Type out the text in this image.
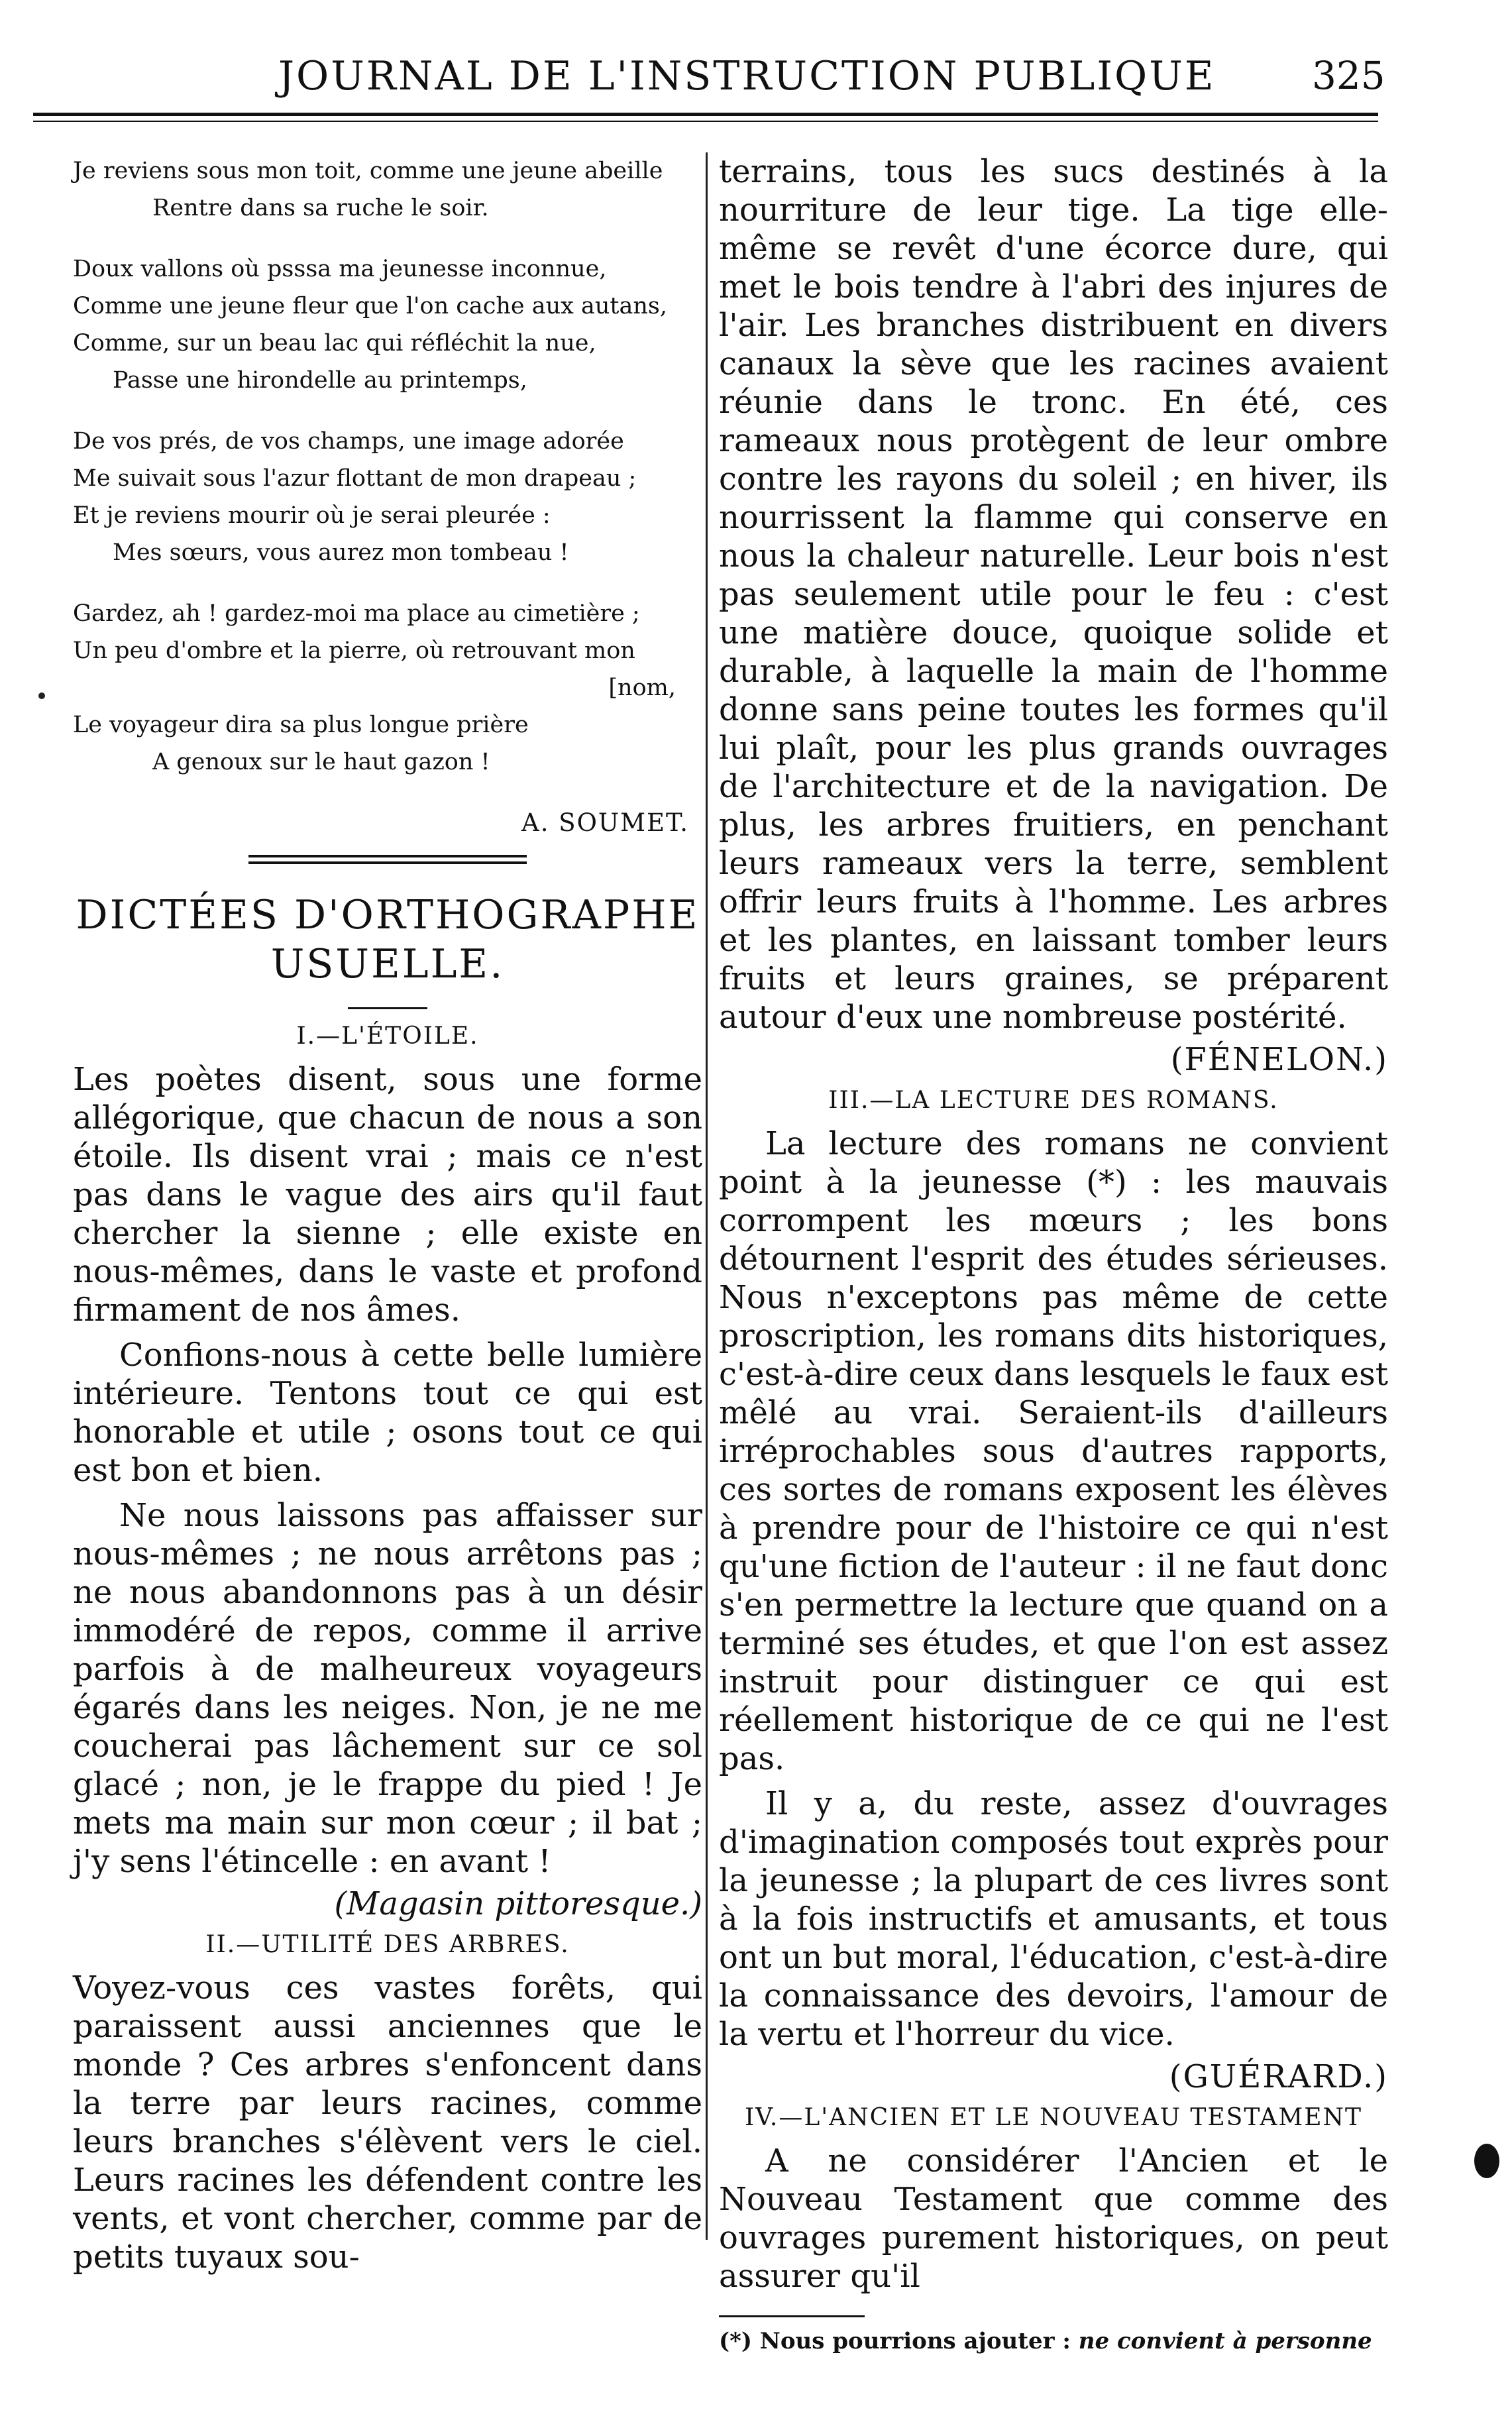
JOURNAL DE L'INSTRUCTION PUBLIQUE	325
Je reviens sous mon toit, comme une jeune abeille
Rentre dans sa ruche le soir.
Doux vallons où psssa ma jeunesse inconnue,
Comme une jeune fleur que l'on cache aux autans,
Comme, sur un beau lac qui réfléchit la nue,
Passe une hirondelle au printemps,
De vos prés, de vos champs, une image adorée
Me suivait sous l'azur flottant de mon drapeau ;
Et je reviens mourir où je serai pleurée :
Mes sœurs, vous aurez mon tombeau !
Gardez, ah ! gardez-moi ma place au cimetière ;
Un peu d'ombre et la pierre, où retrouvant mon
[nom,
Le voyageur dira sa plus longue prière
A genoux sur le haut gazon !
A. SOUMET.
DICTÉES D'ORTHOGRAPHE USUELLE.
I.—L'ÉTOILE.

Les poètes disent, sous une forme allégorique, que chacun de nous a son étoile. Ils disent vrai ; mais ce n'est pas dans le vague des airs qu'il faut chercher la sienne ; elle existe en nous-mêmes, dans le vaste et profond firmament de nos âmes.

Confions-nous à cette belle lumière intérieure. Tentons tout ce qui est honorable et utile ; osons tout ce qui est bon et bien.

Ne nous laissons pas affaisser sur nous-mêmes ; ne nous arrêtons pas ; ne nous abandonnons pas à un désir immodéré de repos, comme il arrive parfois à de malheureux voyageurs égarés dans les neiges. Non, je ne me coucherai pas lâchement sur ce sol glacé ; non, je le frappe du pied ! Je mets ma main sur mon cœur ; il bat ; j'y sens l'étincelle : en avant !

(Magasin pittoresque.)

II.—UTILITÉ DES ARBRES.

Voyez-vous ces vastes forêts, qui paraissent aussi anciennes que le monde ? Ces arbres s'enfoncent dans la terre par leurs racines, comme leurs branches s'élèvent vers le ciel. Leurs racines les défendent contre les vents, et vont chercher, comme par de petits tuyaux sou-

terrains, tous les sucs destinés à la nourriture de leur tige. La tige elle-même se revêt d'une écorce dure, qui met le bois tendre à l'abri des injures de l'air. Les branches distribuent en divers canaux la sève que les racines avaient réunie dans le tronc. En été, ces rameaux nous protègent de leur ombre contre les rayons du soleil ; en hiver, ils nourrissent la flamme qui conserve en nous la chaleur naturelle. Leur bois n'est pas seulement utile pour le feu : c'est une matière douce, quoique solide et durable, à laquelle la main de l'homme donne sans peine toutes les formes qu'il lui plaît, pour les plus grands ouvrages de l'architecture et de la navigation. De plus, les arbres fruitiers, en penchant leurs rameaux vers la terre, semblent offrir leurs fruits à l'homme. Les arbres et les plantes, en laissant tomber leurs fruits et leurs graines, se préparent autour d'eux une nombreuse postérité.

(FÉNELON.)

III.—LA LECTURE DES ROMANS.

La lecture des romans ne convient point à la jeunesse (*) : les mauvais corrompent les mœurs ; les bons détournent l'esprit des études sérieuses. Nous n'exceptons pas même de cette proscription, les romans dits historiques, c'est-à-dire ceux dans lesquels le faux est mêlé au vrai. Seraient-ils d'ailleurs irréprochables sous d'autres rapports, ces sortes de romans exposent les élèves à prendre pour de l'histoire ce qui n'est qu'une fiction de l'auteur : il ne faut donc s'en permettre la lecture que quand on a terminé ses études, et que l'on est assez instruit pour distinguer ce qui est réellement historique de ce qui ne l'est pas.

Il y a, du reste, assez d'ouvrages d'imagination composés tout exprès pour la jeunesse ; la plupart de ces livres sont à la fois instructifs et amusants, et tous ont un but moral, l'éducation, c'est-à-dire la connaissance des devoirs, l'amour de la vertu et l'horreur du vice.

(GUÉRARD.)

IV.—L'ANCIEN ET LE NOUVEAU TESTAMENT

A ne considérer l'Ancien et le Nouveau Testament que comme des ouvrages purement historiques, on peut assurer qu'il

(*) Nous pourrions ajouter : ne convient à personne
